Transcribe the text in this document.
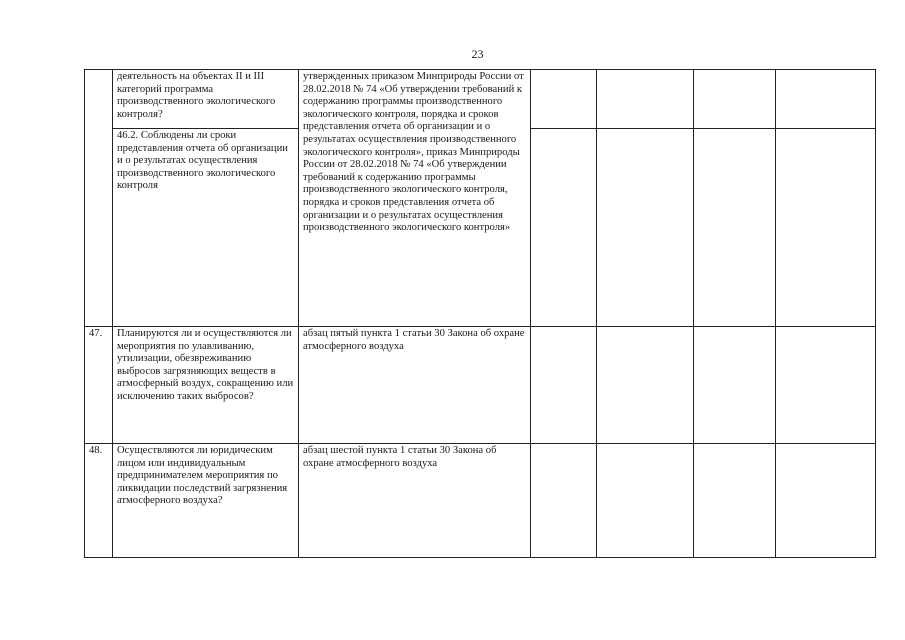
23

	деятельность на объектах II и III категорий программа производственного экологического контроля?	утвержденных приказом Минприроды России от 28.02.2018 № 74 «Об утверждении требований к содержанию программы производственного экологического контроля, порядка и сроков представления отчета об организации и о результатах осуществления производственного экологического контроля», приказ Минприроды России от 28.02.2018 № 74 «Об утверждении требований к содержанию программы производственного экологического контроля, порядка и сроков представления отчета об организации и о результатах осуществления производственного экологического контроля»				

	46.2. Соблюдены ли сроки представления отчета об организации и о результатах осуществления производственного экологического контроля					

47.	Планируются ли и осуществляются ли мероприятия по улавливанию, утилизации, обезвреживанию выбросов загрязняющих веществ в атмосферный воздух, сокращению или исключению таких выбросов?	абзац пятый пункта 1 статьи 30 Закона об охране атмосферного воздуха				
48.	Осуществляются ли юридическим лицом или индивидуальным предпринимателем мероприятия по ликвидации последствий загрязнения атмосферного воздуха?	абзац шестой пункта 1 статьи 30 Закона об охране атмосферного воздуха				
